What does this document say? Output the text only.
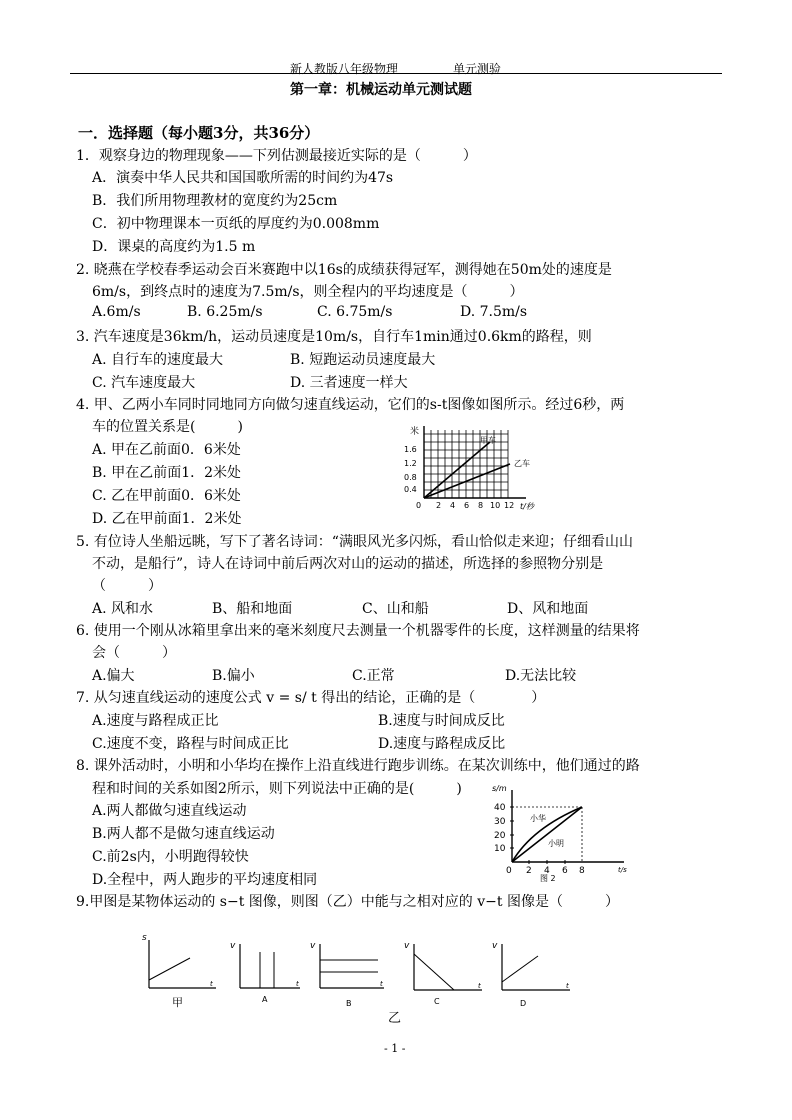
新人教版八年级物理	单元测验
第一章：机械运动单元测试题
一．选择题（每小题3分，共36分）
1．观察身边的物理现象——下列估测最接近实际的是（　　　）
A．演奏中华人民共和国国歌所需的时间约为47s
B．我们所用物理教材的宽度约为25cm
C．初中物理课本一页纸的厚度约为0.008mm
D．课桌的高度约为1.5 m
2. 晓燕在学校春季运动会百米赛跑中以16s的成绩获得冠军，测得她在50m处的速度是
6m/s，到终点时的速度为7.5m/s，则全程内的平均速度是（　　　）
A.6m/s	B. 6.25m/s	C. 6.75m/s	D. 7.5m/s
3. 汽车速度是36km/h，运动员速度是10m/s，自行车1min通过0.6km的路程，则
A. 自行车的速度最大	B. 短跑运动员速度最大
C. 汽车速度最大	D. 三者速度一样大
4. 甲、乙两小车同时同地同方向做匀速直线运动，它们的s-t图像如图所示。经过6秒，两
车的位置关系是(　　　)
A. 甲在乙前面0．6米处
B. 甲在乙前面1．2米处
C. 乙在甲前面0．6米处
D. 乙在甲前面1．2米处
米
1.6
1.2
0.8
0.4
0 2 4 6 8 10 12 t/秒
甲车
乙车
5. 有位诗人坐船远眺，写下了著名诗词：“满眼风光多闪烁，看山恰似走来迎；仔细看山山
不动，是船行”，诗人在诗词中前后两次对山的运动的描述，所选择的参照物分别是
（　　　）
A. 风和水	B、船和地面	C、山和船	D、风和地面
6. 使用一个刚从冰箱里拿出来的毫米刻度尺去测量一个机器零件的长度，这样测量的结果将
会（　　　）
A.偏大	B.偏小	C.正常	D.无法比较
7. 从匀速直线运动的速度公式 v = s/ t 得出的结论，正确的是（　　　　）
A.速度与路程成正比	B.速度与时间成反比
C.速度不变，路程与时间成正比	D.速度与路程成反比
8. 课外活动时，小明和小华均在操作上沿直线进行跑步训练。在某次训练中，他们通过的路
程和时间的关系如图2所示，则下列说法中正确的是(　　　)
A.两人都做匀速直线运动
B.两人都不是做匀速直线运动
C.前2s内，小明跑得较快
D.全程中，两人跑步的平均速度相同
s/m
40
30
20
10
0 2 4 6 8	t/s
小华
小明
图 2
9.甲图是某物体运动的 s−t 图像，则图（乙）中能与之相对应的 v−t 图像是（　　　）
s
t
甲
v
t
A
v
t
B
v
t
C
v
t
D
乙
- 1 -
